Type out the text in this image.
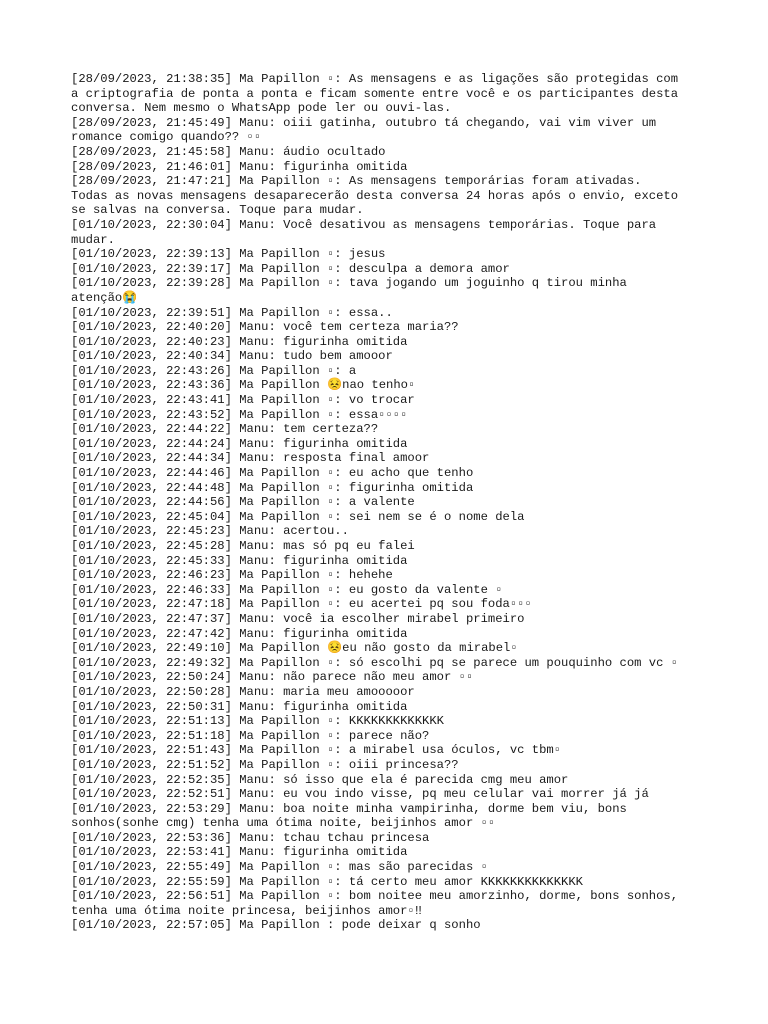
[28/09/2023, 21:38:35] Ma Papillon ▫: As mensagens e as ligações são protegidas com
a criptografia de ponta a ponta e ficam somente entre você e os participantes desta
conversa. Nem mesmo o WhatsApp pode ler ou ouvi-las.
[28/09/2023, 21:45:49] Manu: oiii gatinha, outubro tá chegando, vai vim viver um
romance comigo quando?? ▫▫
[28/09/2023, 21:45:58] Manu: áudio ocultado
[28/09/2023, 21:46:01] Manu: figurinha omitida
[28/09/2023, 21:47:21] Ma Papillon ▫: As mensagens temporárias foram ativadas.
Todas as novas mensagens desaparecerão desta conversa 24 horas após o envio, exceto
se salvas na conversa. Toque para mudar.
[01/10/2023, 22:30:04] Manu: Você desativou as mensagens temporárias. Toque para
mudar.
[01/10/2023, 22:39:13] Ma Papillon ▫: jesus
[01/10/2023, 22:39:17] Ma Papillon ▫: desculpa a demora amor
[01/10/2023, 22:39:28] Ma Papillon ▫: tava jogando um joguinho q tirou minha
atenção😭
[01/10/2023, 22:39:51] Ma Papillon ▫: essa..
[01/10/2023, 22:40:20] Manu: você tem certeza maria??
[01/10/2023, 22:40:23] Manu: figurinha omitida
[01/10/2023, 22:40:34] Manu: tudo bem amooor
[01/10/2023, 22:43:26] Ma Papillon ▫: a
[01/10/2023, 22:43:36] Ma Papillon 😣nao tenho▫
[01/10/2023, 22:43:41] Ma Papillon ▫: vo trocar
[01/10/2023, 22:43:52] Ma Papillon ▫: essa▫▫▫▫
[01/10/2023, 22:44:22] Manu: tem certeza??
[01/10/2023, 22:44:24] Manu: figurinha omitida
[01/10/2023, 22:44:34] Manu: resposta final amoor
[01/10/2023, 22:44:46] Ma Papillon ▫: eu acho que tenho
[01/10/2023, 22:44:48] Ma Papillon ▫: figurinha omitida
[01/10/2023, 22:44:56] Ma Papillon ▫: a valente
[01/10/2023, 22:45:04] Ma Papillon ▫: sei nem se é o nome dela
[01/10/2023, 22:45:23] Manu: acertou..
[01/10/2023, 22:45:28] Manu: mas só pq eu falei
[01/10/2023, 22:45:33] Manu: figurinha omitida
[01/10/2023, 22:46:23] Ma Papillon ▫: hehehe
[01/10/2023, 22:46:33] Ma Papillon ▫: eu gosto da valente ▫
[01/10/2023, 22:47:18] Ma Papillon ▫: eu acertei pq sou foda▫▫▫
[01/10/2023, 22:47:37] Manu: você ia escolher mirabel primeiro
[01/10/2023, 22:47:42] Manu: figurinha omitida
[01/10/2023, 22:49:10] Ma Papillon 😣eu não gosto da mirabel▫
[01/10/2023, 22:49:32] Ma Papillon ▫: só escolhi pq se parece um pouquinho com vc ▫
[01/10/2023, 22:50:24] Manu: não parece não meu amor ▫▫
[01/10/2023, 22:50:28] Manu: maria meu amooooor
[01/10/2023, 22:50:31] Manu: figurinha omitida
[01/10/2023, 22:51:13] Ma Papillon ▫: KKKKKKKKKKKKK
[01/10/2023, 22:51:18] Ma Papillon ▫: parece não?
[01/10/2023, 22:51:43] Ma Papillon ▫: a mirabel usa óculos, vc tbm▫
[01/10/2023, 22:51:52] Ma Papillon ▫: oiii princesa??
[01/10/2023, 22:52:35] Manu: só isso que ela é parecida cmg meu amor
[01/10/2023, 22:52:51] Manu: eu vou indo visse, pq meu celular vai morrer já já
[01/10/2023, 22:53:29] Manu: boa noite minha vampirinha, dorme bem viu, bons
sonhos(sonhe cmg) tenha uma ótima noite, beijinhos amor ▫▫
[01/10/2023, 22:53:36] Manu: tchau tchau princesa
[01/10/2023, 22:53:41] Manu: figurinha omitida
[01/10/2023, 22:55:49] Ma Papillon ▫: mas são parecidas ▫
[01/10/2023, 22:55:59] Ma Papillon ▫: tá certo meu amor KKKKKKKKKKKKKK
[01/10/2023, 22:56:51] Ma Papillon ▫: bom noitee meu amorzinho, dorme, bons sonhos,
tenha uma ótima noite princesa, beijinhos amor▫‼
[01/10/2023, 22:57:05] Ma Papillon : pode deixar q sonho
